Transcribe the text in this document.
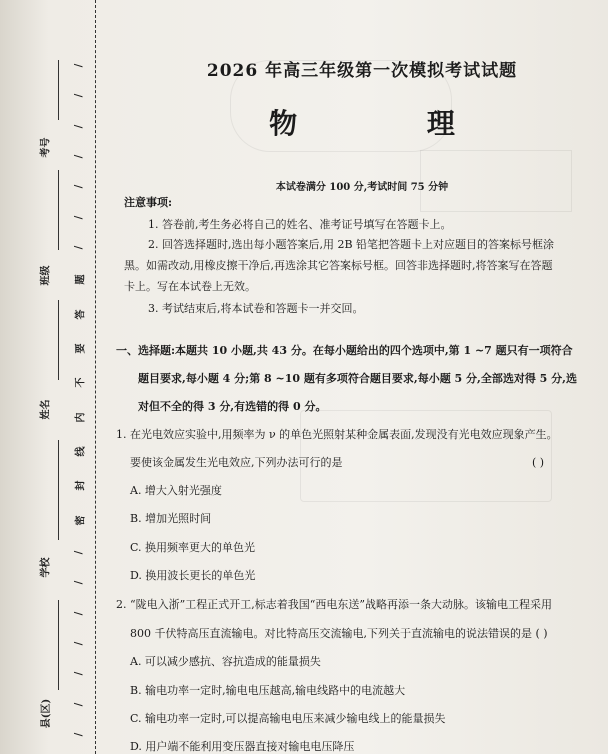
考号
班级
姓名
学校
县(区)
/
/
/
/
/
/
/
题
答
要
不
内
线
封
密
/
/
/
/
/
/
/
2026 年高三年级第一次模拟考试试题
物 理
本试卷满分 100 分,考试时间 75 分钟
注意事项:
1. 答卷前,考生务必将自己的姓名、准考证号填写在答题卡上。
2. 回答选择题时,选出每小题答案后,用 2B 铅笔把答题卡上对应题目的答案标号框涂
黑。如需改动,用橡皮擦干净后,再选涂其它答案标号框。回答非选择题时,将答案写在答题
卡上。写在本试卷上无效。
3. 考试结束后,将本试卷和答题卡一并交回。
一、选择题:本题共 10 小题,共 43 分。在每小题给出的四个选项中,第 1 ~7 题只有一项符合
题目要求,每小题 4 分;第 8 ~10 题有多项符合题目要求,每小题 5 分,全部选对得 5 分,选
对但不全的得 3 分,有选错的得 0 分。
1. 在光电效应实验中,用频率为 ν 的单色光照射某种金属表面,发现没有光电效应现象产生。
要使该金属发生光电效应,下列办法可行的是	( )
A. 增大入射光强度
B. 增加光照时间
C. 换用频率更大的单色光
D. 换用波长更长的单色光
2. “陇电入浙”工程正式开工,标志着我国“西电东送”战略再添一条大动脉。该输电工程采用
800 千伏特高压直流输电。对比特高压交流输电,下列关于直流输电的说法错误的是 ( )
A. 可以减少感抗、容抗造成的能量损失
B. 输电功率一定时,输电电压越高,输电线路中的电流越大
C. 输电功率一定时,可以提高输电电压来减少输电线上的能量损失
D. 用户端不能利用变压器直接对输电电压降压
